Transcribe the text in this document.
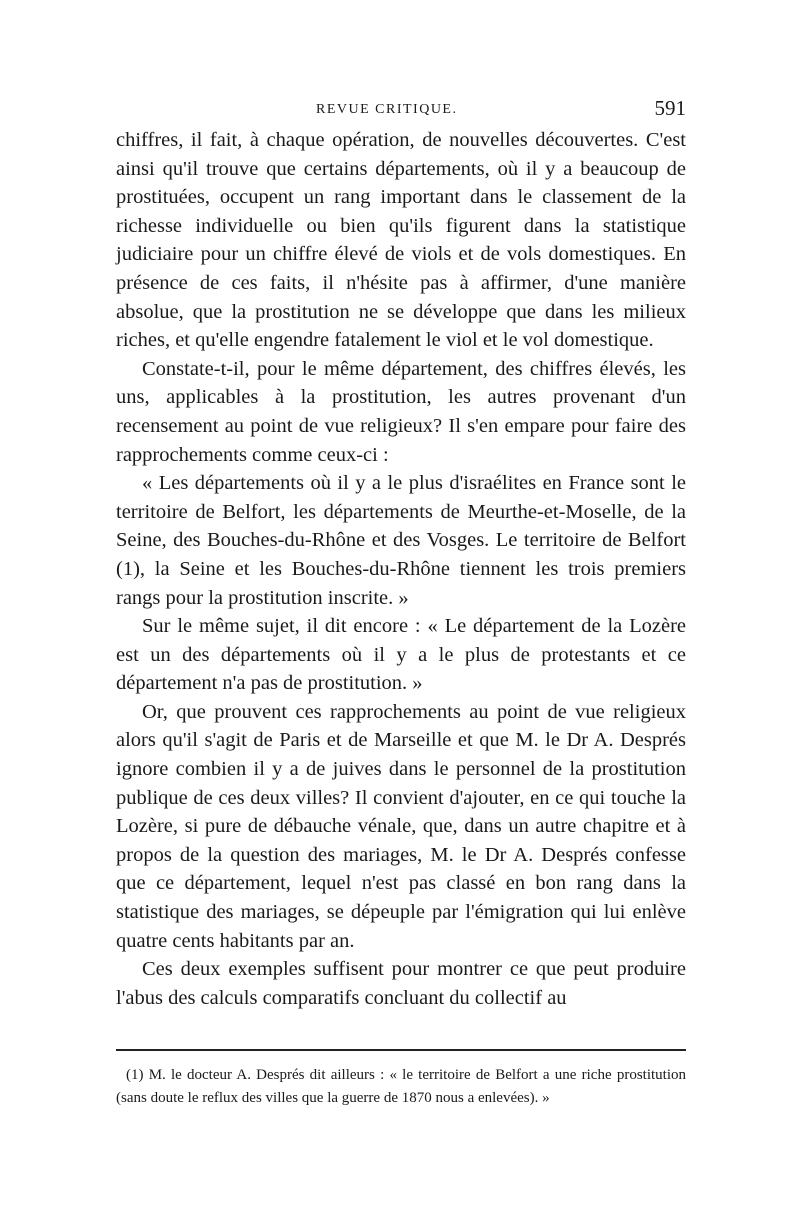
REVUE CRITIQUE.	591

chiffres, il fait, à chaque opération, de nouvelles découvertes. C'est ainsi qu'il trouve que certains départements, où il y a beaucoup de prostituées, occupent un rang important dans le classement de la richesse individuelle ou bien qu'ils figurent dans la statistique judiciaire pour un chiffre élevé de viols et de vols domestiques. En présence de ces faits, il n'hésite pas à affirmer, d'une manière absolue, que la prostitution ne se développe que dans les milieux riches, et qu'elle engendre fatalement le viol et le vol domestique.

Constate-t-il, pour le même département, des chiffres élevés, les uns, applicables à la prostitution, les autres provenant d'un recensement au point de vue religieux? Il s'en empare pour faire des rapprochements comme ceux-ci :

« Les départements où il y a le plus d'israélites en France sont le territoire de Belfort, les départements de Meurthe-et-Moselle, de la Seine, des Bouches-du-Rhône et des Vosges. Le territoire de Belfort (1), la Seine et les Bouches-du-Rhône tiennent les trois premiers rangs pour la prostitution inscrite. »

Sur le même sujet, il dit encore : « Le département de la Lozère est un des départements où il y a le plus de protestants et ce département n'a pas de prostitution. »

Or, que prouvent ces rapprochements au point de vue religieux alors qu'il s'agit de Paris et de Marseille et que M. le Dr A. Després ignore combien il y a de juives dans le personnel de la prostitution publique de ces deux villes? Il convient d'ajouter, en ce qui touche la Lozère, si pure de débauche vénale, que, dans un autre chapitre et à propos de la question des mariages, M. le Dr A. Després confesse que ce département, lequel n'est pas classé en bon rang dans la statistique des mariages, se dépeuple par l'émigration qui lui enlève quatre cents habitants par an.

Ces deux exemples suffisent pour montrer ce que peut produire l'abus des calculs comparatifs concluant du collectif au

(1) M. le docteur A. Després dit ailleurs : « le territoire de Belfort a une riche prostitution (sans doute le reflux des villes que la guerre de 1870 nous a enlevées). »
